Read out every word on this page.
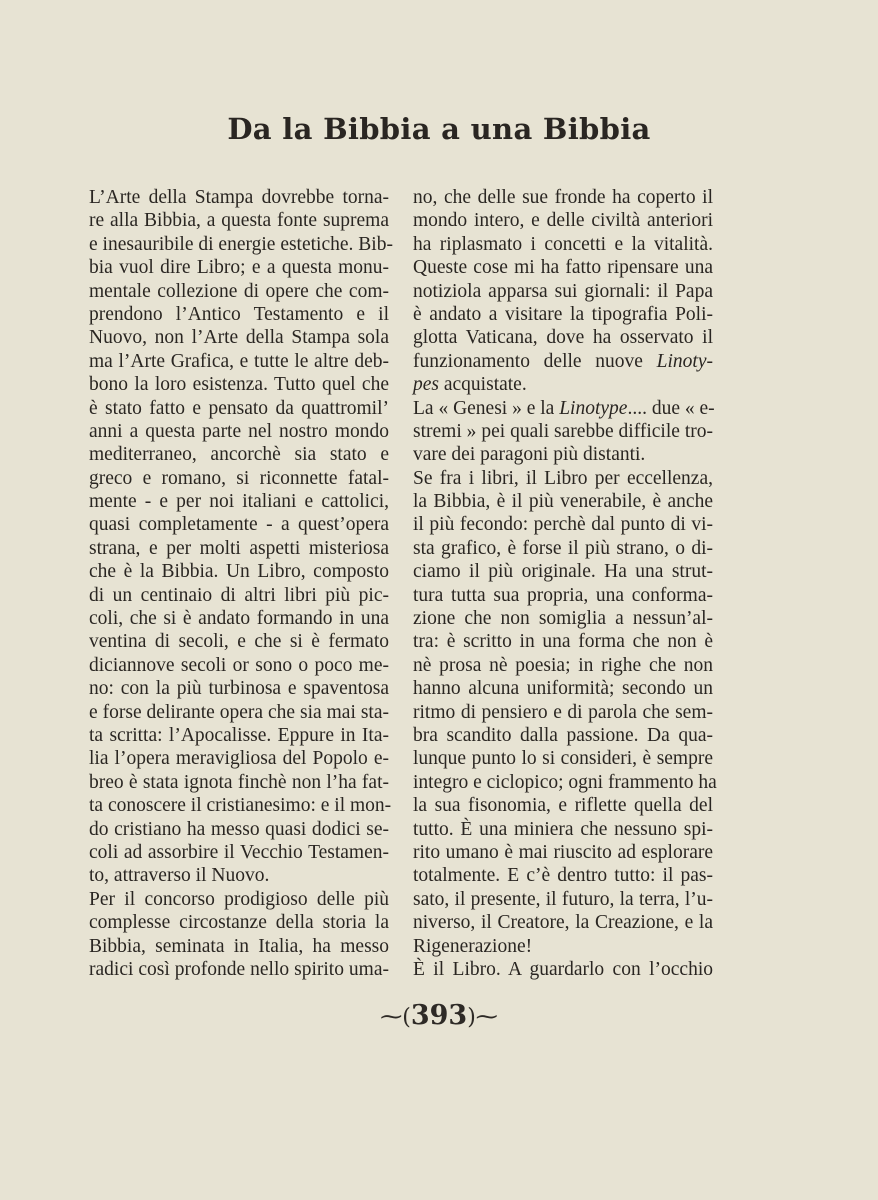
Da la Bibbia a una Bibbia
L’Arte della Stampa dovrebbe torna-
re alla Bibbia, a questa fonte suprema
e inesauribile di energie estetiche. Bib-
bia vuol dire Libro; e a questa monu-
mentale collezione di opere che com-
prendono l’Antico Testamento e il
Nuovo, non l’Arte della Stampa sola
ma l’Arte Grafica, e tutte le altre deb-
bono la loro esistenza. Tutto quel che
è stato fatto e pensato da quattromil’
anni a questa parte nel nostro mondo
mediterraneo, ancorchè sia stato e
greco e romano, si riconnette fatal-
mente - e per noi italiani e cattolici,
quasi completamente - a quest’opera
strana, e per molti aspetti misteriosa
che è la Bibbia. Un Libro, composto
di un centinaio di altri libri più pic-
coli, che si è andato formando in una
ventina di secoli, e che si è fermato
diciannove secoli or sono o poco me-
no: con la più turbinosa e spaventosa
e forse delirante opera che sia mai sta-
ta scritta: l’Apocalisse. Eppure in Ita-
lia l’opera meravigliosa del Popolo e-
breo è stata ignota finchè non l’ha fat-
ta conoscere il cristianesimo: e il mon-
do cristiano ha messo quasi dodici se-
coli ad assorbire il Vecchio Testamen-
to, attraverso il Nuovo.
Per il concorso prodigioso delle più
complesse circostanze della storia la
Bibbia, seminata in Italia, ha messo
radici così profonde nello spirito uma-
no, che delle sue fronde ha coperto il
mondo intero, e delle civiltà anteriori
ha riplasmato i concetti e la vitalità.
Queste cose mi ha fatto ripensare una
notiziola apparsa sui giornali: il Papa
è andato a visitare la tipografia Poli-
glotta Vaticana, dove ha osservato il
funzionamento delle nuove Linoty-
pes acquistate.
La « Genesi » e la Linotype.... due « e-
stremi » pei quali sarebbe difficile tro-
vare dei paragoni più distanti.
Se fra i libri, il Libro per eccellenza,
la Bibbia, è il più venerabile, è anche
il più fecondo: perchè dal punto di vi-
sta grafico, è forse il più strano, o di-
ciamo il più originale. Ha una strut-
tura tutta sua propria, una conforma-
zione che non somiglia a nessun’al-
tra: è scritto in una forma che non è
nè prosa nè poesia; in righe che non
hanno alcuna uniformità; secondo un
ritmo di pensiero e di parola che sem-
bra scandito dalla passione. Da qua-
lunque punto lo si consideri, è sempre
integro e ciclopico; ogni frammento ha
la sua fisonomia, e riflette quella del
tutto. È una miniera che nessuno spi-
rito umano è mai riuscito ad esplorare
totalmente. E c’è dentro tutto: il pas-
sato, il presente, il futuro, la terra, l’u-
niverso, il Creatore, la Creazione, e la
Rigenerazione!
È il Libro. A guardarlo con l’occhio
⁓(393)⁓
